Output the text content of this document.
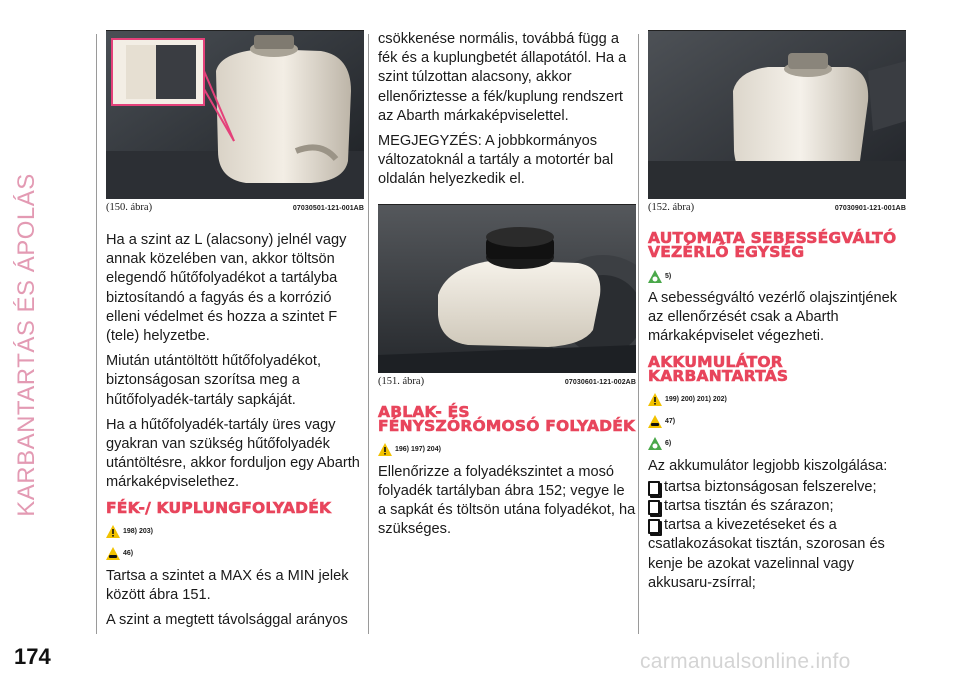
KARBANTARTÁS ÉS ÁPOLÁS	(150. ábra)	07030501-121-001AB

Ha a szint az L (alacsony) jelnél vagy annak közelében van, akkor töltsön elegendő hűtőfolyadékot a tartályba biztosítandó a fagyás és a korrózió elleni védelmet és hozza a szintet F (tele) helyzetbe.

Miután utántöltött hűtőfolyadékot, biztonságosan szorítsa meg a hűtőfolyadék-tartály sapkáját.

Ha a hűtőfolyadék-tartály üres vagy gyakran van szükség hűtőfolyadék utántöltésre, akkor forduljon egy Abarth márkaképviselethez.

FÉK-/ KUPLUNGFOLYADÉK
198) 203)
46)

Tartsa a szintet a MAX és a MIN jelek között ábra 151.

A szint a megtett távolsággal arányos

csökkenése normális, továbbá függ a fék és a kuplungbetét állapotától. Ha a szint túlzottan alacsony, akkor ellenőriztesse a fék/kuplung rendszert az Abarth márkaképviselettel.

MEGJEGYZÉS: A jobbkormányos változatoknál a tartály a motortér bal oldalán helyezkedik el.

(151. ábra)	07030601-121-002AB
ABLAK- ÉS FÉNYSZÓRÓMOSÓ FOLYADÉK
196) 197) 204)

Ellenőrizze a folyadékszintet a mosó folyadék tartályban ábra 152; vegye le a sapkát és töltsön utána folyadékot, ha szükséges.

(152. ábra)	07030901-121-001AB
AUTOMATA SEBESSÉGVÁLTÓ VEZÉRLŐ EGYSÉG
5)

A sebességváltó vezérlő olajszintjének az ellenőrzését csak a Abarth márkaképviselet végezheti.

AKKUMULÁTOR KARBANTARTÁS
199) 200) 201) 202)
47)
6)

Az akkumulátor legjobb kiszolgálása:

tartsa biztonságosan felszerelve;

tartsa tisztán és szárazon;

tartsa a kivezetéseket és a

csatlakozásokat tisztán, szorosan és kenje be azokat vazelinnal vagy akkusaru-zsírral;

174	carmanualsonline.info
